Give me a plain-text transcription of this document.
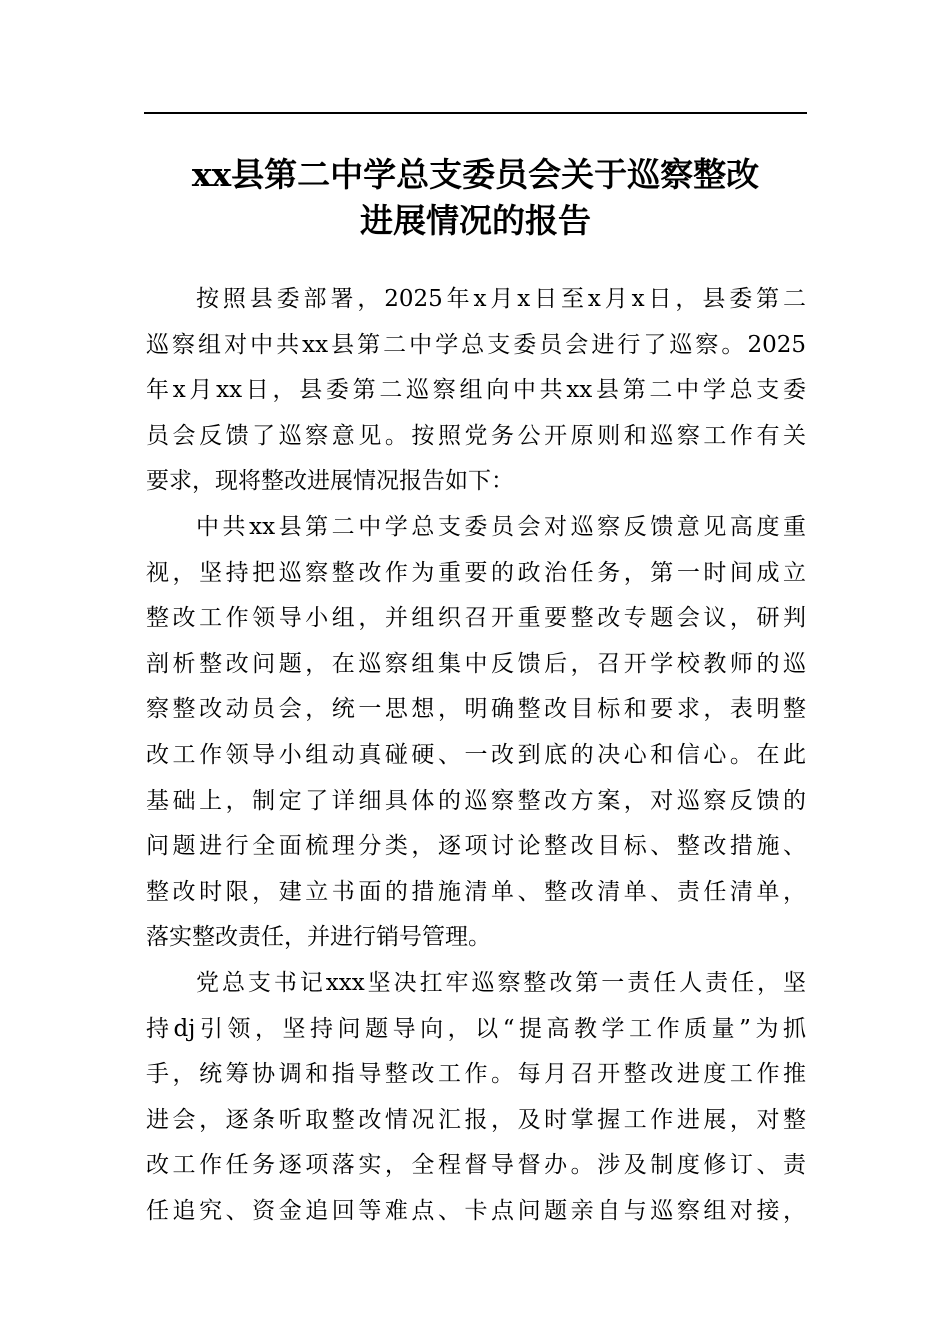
xx县第二中学总支委员会关于巡察整改
进展情况的报告
按照县委部署，2025年x月x日至x月x日，县委第二
巡察组对中共xx县第二中学总支委员会进行了巡察。2025
年x月xx日，县委第二巡察组向中共xx县第二中学总支委
员会反馈了巡察意见。按照党务公开原则和巡察工作有关
要求，现将整改进展情况报告如下：
中共xx县第二中学总支委员会对巡察反馈意见高度重
视，坚持把巡察整改作为重要的政治任务，第一时间成立
整改工作领导小组，并组织召开重要整改专题会议，研判
剖析整改问题，在巡察组集中反馈后，召开学校教师的巡
察整改动员会，统一思想，明确整改目标和要求，表明整
改工作领导小组动真碰硬、一改到底的决心和信心。在此
基础上，制定了详细具体的巡察整改方案，对巡察反馈的
问题进行全面梳理分类，逐项讨论整改目标、整改措施、
整改时限，建立书面的措施清单、整改清单、责任清单，
落实整改责任，并进行销号管理。
党总支书记xxx坚决扛牢巡察整改第一责任人责任，坚
持dj引领，坚持问题导向，以“提高教学工作质量”为抓
手，统筹协调和指导整改工作。每月召开整改进度工作推
进会，逐条听取整改情况汇报，及时掌握工作进展，对整
改工作任务逐项落实，全程督导督办。涉及制度修订、责
任追究、资金追回等难点、卡点问题亲自与巡察组对接，
